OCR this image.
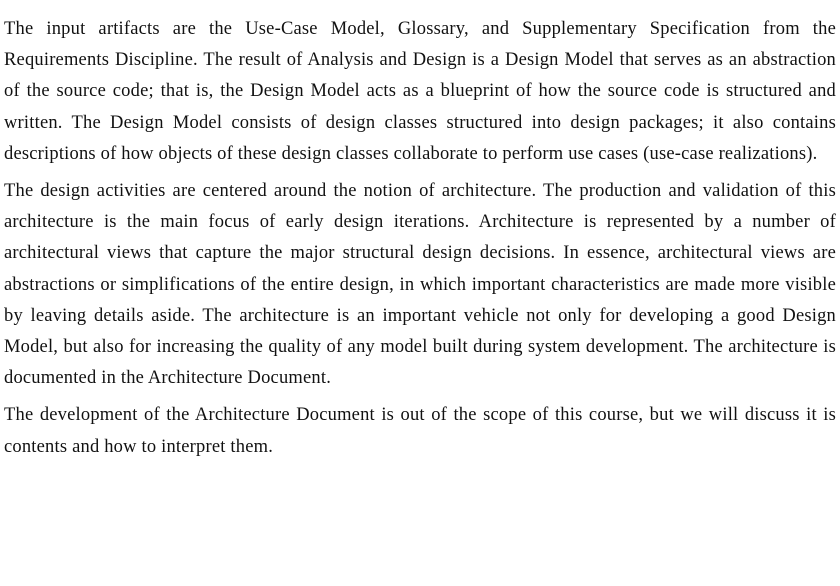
The input artifacts are the Use-Case Model, Glossary, and Supplementary Specification from the Requirements Discipline. The result of Analysis and Design is a Design Model that serves as an abstraction of the source code; that is, the Design Model acts as a blueprint of how the source code is structured and written. The Design Model consists of design classes structured into design packages; it also contains descriptions of how objects of these design classes collaborate to perform use cases (use-case realizations).

The design activities are centered around the notion of architecture. The production and validation of this architecture is the main focus of early design iterations. Architecture is represented by a number of architectural views that capture the major structural design decisions. In essence, architectural views are abstractions or simplifications of the entire design, in which important characteristics are made more visible by leaving details aside. The architecture is an important vehicle not only for developing a good Design Model, but also for increasing the quality of any model built during system development. The architecture is documented in the Architecture Document.

The development of the Architecture Document is out of the scope of this course, but we will discuss it is contents and how to interpret them.
